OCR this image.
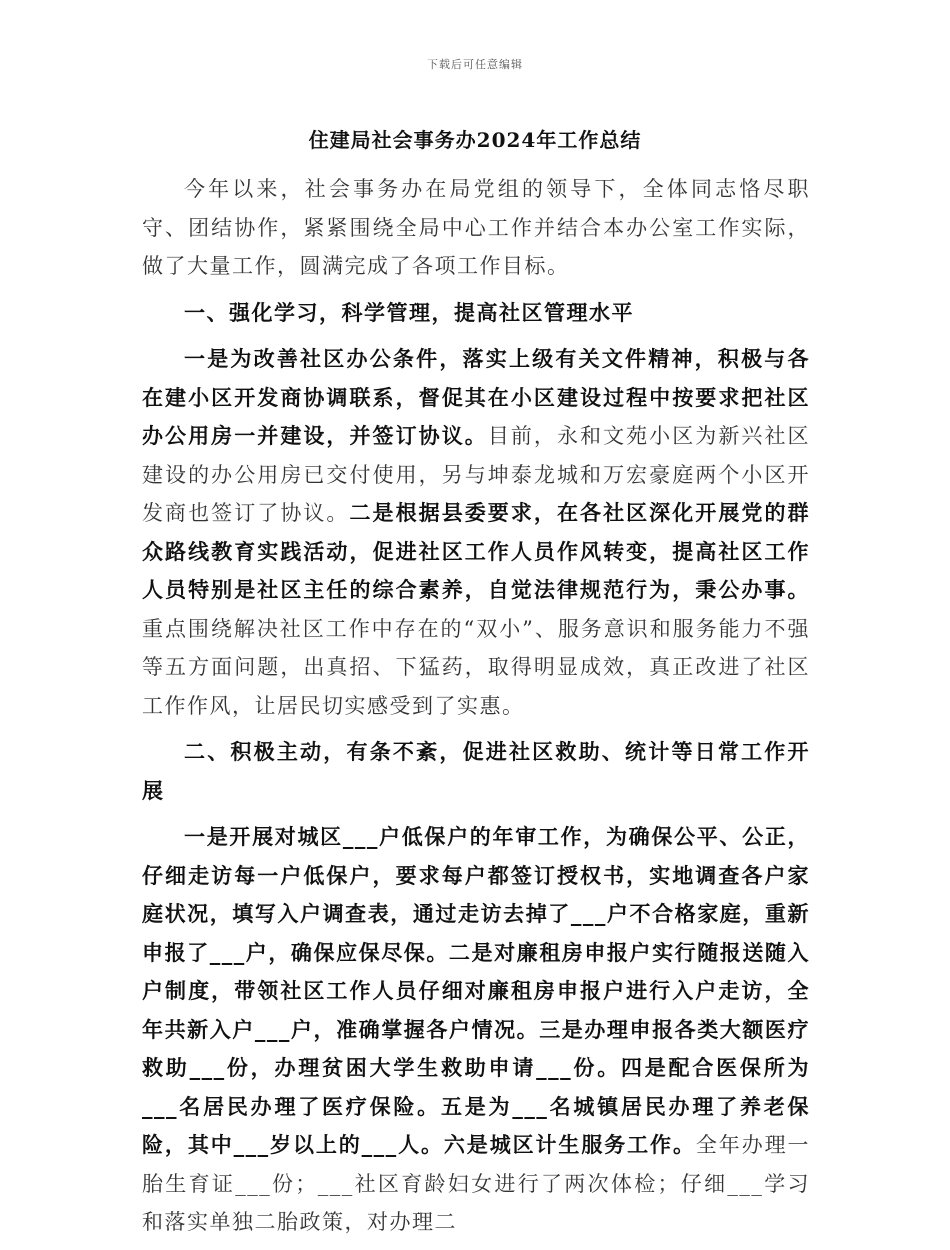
下载后可任意编辑
住建局社会事务办2024年工作总结

今年以来，社会事务办在局党组的领导下，全体同志恪尽职守、团结协作，紧紧围绕全局中心工作并结合本办公室工作实际，做了大量工作，圆满完成了各项工作目标。

一、强化学习，科学管理，提高社区管理水平

一是为改善社区办公条件，落实上级有关文件精神，积极与各在建小区开发商协调联系，督促其在小区建设过程中按要求把社区办公用房一并建设，并签订协议。目前，永和文苑小区为新兴社区建设的办公用房已交付使用，另与坤泰龙城和万宏豪庭两个小区开发商也签订了协议。二是根据县委要求，在各社区深化开展党的群众路线教育实践活动，促进社区工作人员作风转变，提高社区工作人员特别是社区主任的综合素养，自觉法律规范行为，秉公办事。重点围绕解决社区工作中存在的“双小”、服务意识和服务能力不强等五方面问题，出真招、下猛药，取得明显成效，真正改进了社区工作作风，让居民切实感受到了实惠。

二、积极主动，有条不紊，促进社区救助、统计等日常工作开展

一是开展对城区___户低保户的年审工作，为确保公平、公正，仔细走访每一户低保户，要求每户都签订授权书，实地调查各户家庭状况，填写入户调查表，通过走访去掉了___户不合格家庭，重新申报了___户，确保应保尽保。二是对廉租房申报户实行随报送随入户制度，带领社区工作人员仔细对廉租房申报户进行入户走访，全年共新入户___户，准确掌握各户情况。三是办理申报各类大额医疗救助___份，办理贫困大学生救助申请___份。四是配合医保所为___名居民办理了医疗保险。五是为___名城镇居民办理了养老保险，其中___岁以上的___人。六是城区计生服务工作。全年办理一胎生育证___份；___社区育龄妇女进行了两次体检；仔细___学习和落实单独二胎政策，对办理二
